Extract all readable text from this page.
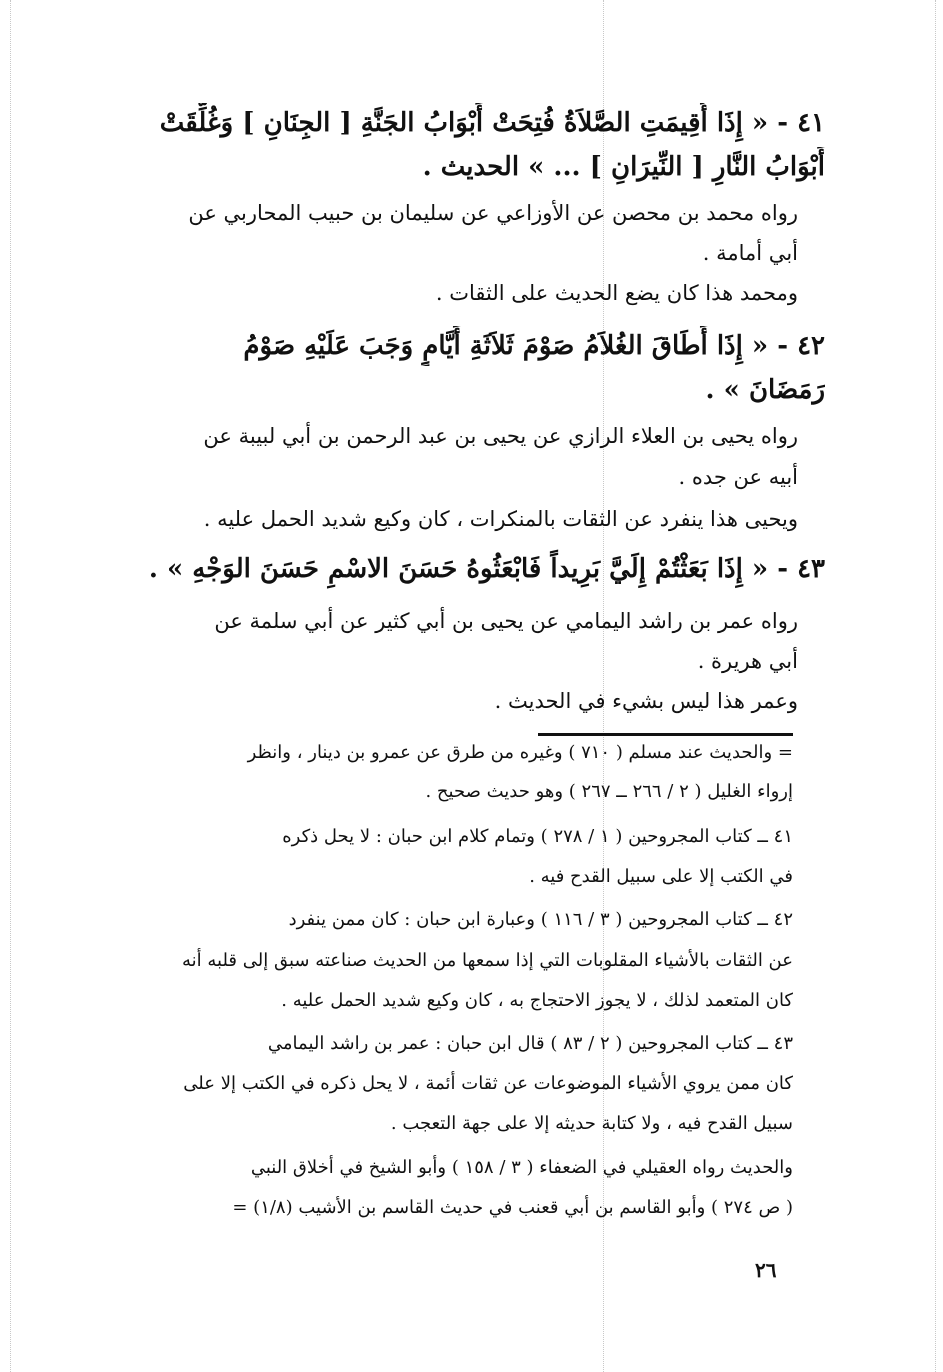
٤١ - « إِذَا أُقِيمَتِ الصَّلاَةُ فُتِحَتْ أَبْوَابُ الجَنَّةِ [ الجِنَانِ ] وَغُلِّقَتْ
أَبْوَابُ النَّارِ [ النِّيرَانِ ] ... » الحديث .
رواه محمد بن محصن عن الأوزاعي عن سليمان بن حبيب المحاربي عن
أبي أمامة .
ومحمد هذا كان يضع الحديث على الثقات .
٤٢ - « إِذَا أَطَاقَ الغُلاَمُ صَوْمَ ثَلاَثَةِ أَيَّامٍ وَجَبَ عَلَيْهِ صَوْمُ
رَمَضَانَ » .
رواه يحيى بن العلاء الرازي عن يحيى بن عبد الرحمن بن أبي لبيبة عن
أبيه عن جده .
ويحيى هذا ينفرد عن الثقات بالمنكرات ، كان وكيع شديد الحمل عليه .
٤٣ - « إِذَا بَعَثْتُمْ إِلَيَّ بَرِيداً فَابْعَثُوهُ حَسَنَ الاسْمِ حَسَنَ الوَجْهِ » .
رواه عمر بن راشد اليمامي عن يحيى بن أبي كثير عن أبي سلمة عن
أبي هريرة .
وعمر هذا ليس بشيء في الحديث .
= والحديث عند مسلم ( ٧١٠ ) وغيره من طرق عن عمرو بن دينار ، وانظر
إرواء الغليل ( ٢ / ٢٦٦ ــ ٢٦٧ ) وهو حديث صحيح .
٤١ ــ كتاب المجروحين ( ١ / ٢٧٨ ) وتمام كلام ابن حبان : لا يحل ذكره
في الكتب إلا على سبيل القدح فيه .
٤٢ ــ كتاب المجروحين ( ٣ / ١١٦ ) وعبارة ابن حبان : كان ممن ينفرد
عن الثقات بالأشياء المقلوبات التي إذا سمعها من الحديث صناعته سبق إلى قلبه أنه
كان المتعمد لذلك ، لا يجوز الاحتجاج به ، كان وكيع شديد الحمل عليه .
٤٣ ــ كتاب المجروحين ( ٢ / ٨٣ ) قال ابن حبان : عمر بن راشد اليمامي
كان ممن يروي الأشياء الموضوعات عن ثقات أئمة ، لا يحل ذكره في الكتب إلا على
سبيل القدح فيه ، ولا كتابة حديثه إلا على جهة التعجب .
والحديث رواه العقيلي في الضعفاء ( ٣ / ١٥٨ ) وأبو الشيخ في أخلاق النبي
( ص ٢٧٤ ) وأبو القاسم بن أبي قعنب في حديث القاسم بن الأشيب (١/٨) =
٢٦
